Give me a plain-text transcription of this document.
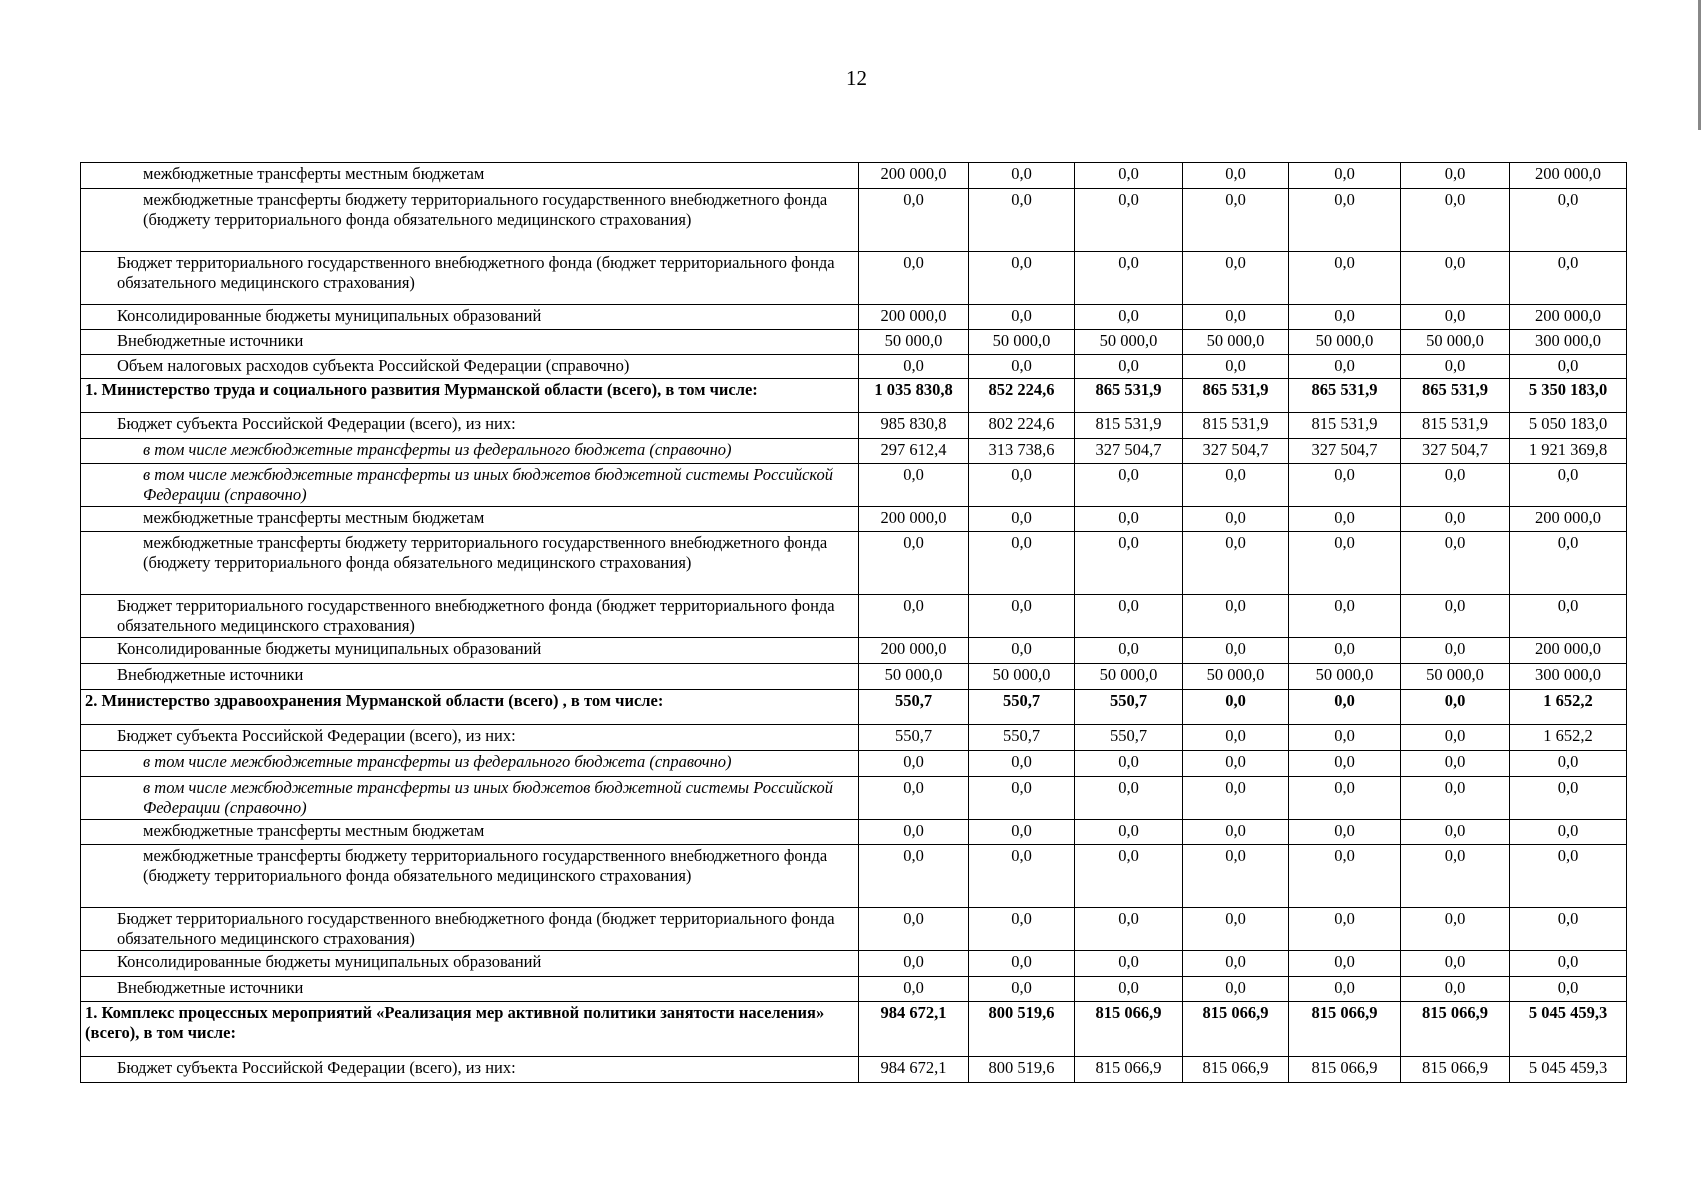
12
межбюджетные трансферты местным бюджетам	200 000,0	0,0	0,0	0,0	0,0	0,0	200 000,0
межбюджетные трансферты бюджету территориального государственного внебюджетного фонда (бюджету территориального фонда обязательного медицинского страхования)	0,0	0,0	0,0	0,0	0,0	0,0	0,0
Бюджет территориального государственного внебюджетного фонда (бюджет территориального фонда обязательного медицинского страхования)	0,0	0,0	0,0	0,0	0,0	0,0	0,0
Консолидированные бюджеты муниципальных образований	200 000,0	0,0	0,0	0,0	0,0	0,0	200 000,0
Внебюджетные источники	50 000,0	50 000,0	50 000,0	50 000,0	50 000,0	50 000,0	300 000,0
Объем налоговых расходов субъекта Российской Федерации (справочно)	0,0	0,0	0,0	0,0	0,0	0,0	0,0
1. Министерство труда и социального развития Мурманской области (всего), в том числе:	1 035 830,8	852 224,6	865 531,9	865 531,9	865 531,9	865 531,9	5 350 183,0
Бюджет субъекта Российской Федерации (всего), из них:	985 830,8	802 224,6	815 531,9	815 531,9	815 531,9	815 531,9	5 050 183,0
в том числе межбюджетные трансферты из федерального бюджета (справочно)	297 612,4	313 738,6	327 504,7	327 504,7	327 504,7	327 504,7	1 921 369,8
в том числе межбюджетные трансферты из иных бюджетов бюджетной системы Российской Федерации (справочно)	0,0	0,0	0,0	0,0	0,0	0,0	0,0
межбюджетные трансферты местным бюджетам	200 000,0	0,0	0,0	0,0	0,0	0,0	200 000,0
межбюджетные трансферты бюджету территориального государственного внебюджетного фонда (бюджету территориального фонда обязательного медицинского страхования)	0,0	0,0	0,0	0,0	0,0	0,0	0,0
Бюджет территориального государственного внебюджетного фонда (бюджет территориального фонда обязательного медицинского страхования)	0,0	0,0	0,0	0,0	0,0	0,0	0,0
Консолидированные бюджеты муниципальных образований	200 000,0	0,0	0,0	0,0	0,0	0,0	200 000,0
Внебюджетные источники	50 000,0	50 000,0	50 000,0	50 000,0	50 000,0	50 000,0	300 000,0
2. Министерство здравоохранения Мурманской области (всего) , в том числе:	550,7	550,7	550,7	0,0	0,0	0,0	1 652,2
Бюджет субъекта Российской Федерации (всего), из них:	550,7	550,7	550,7	0,0	0,0	0,0	1 652,2
в том числе межбюджетные трансферты из федерального бюджета (справочно)	0,0	0,0	0,0	0,0	0,0	0,0	0,0
в том числе межбюджетные трансферты из иных бюджетов бюджетной системы Российской Федерации (справочно)	0,0	0,0	0,0	0,0	0,0	0,0	0,0
межбюджетные трансферты местным бюджетам	0,0	0,0	0,0	0,0	0,0	0,0	0,0
межбюджетные трансферты бюджету территориального государственного внебюджетного фонда (бюджету территориального фонда обязательного медицинского страхования)	0,0	0,0	0,0	0,0	0,0	0,0	0,0
Бюджет территориального государственного внебюджетного фонда (бюджет территориального фонда обязательного медицинского страхования)	0,0	0,0	0,0	0,0	0,0	0,0	0,0
Консолидированные бюджеты муниципальных образований	0,0	0,0	0,0	0,0	0,0	0,0	0,0
Внебюджетные источники	0,0	0,0	0,0	0,0	0,0	0,0	0,0
1. Комплекс процессных мероприятий «Реализация мер активной политики занятости населения» (всего), в том числе:	984 672,1	800 519,6	815 066,9	815 066,9	815 066,9	815 066,9	5 045 459,3
Бюджет субъекта Российской Федерации (всего), из них:	984 672,1	800 519,6	815 066,9	815 066,9	815 066,9	815 066,9	5 045 459,3
